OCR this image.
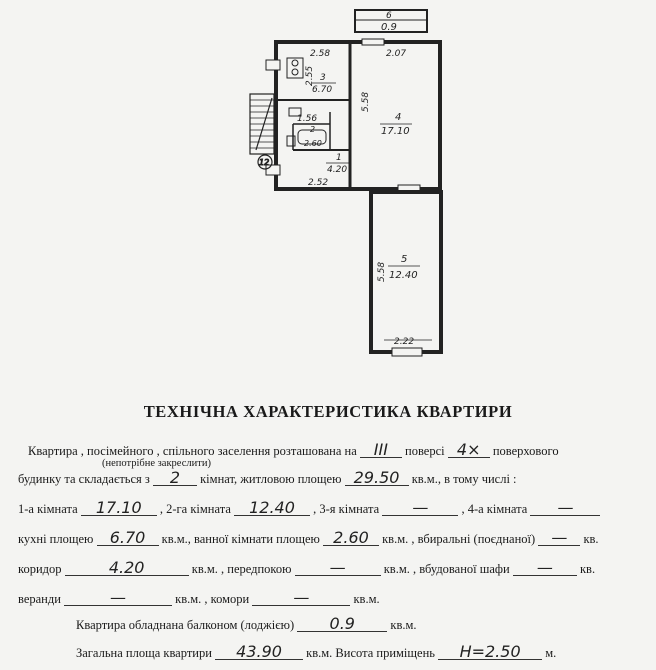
6
0.9
12
2.58	2.07
2.55
1.56
5.58
2.52
5.58
2.22
3
6.70
4
17.10
2
2.60
1
4.20
5
12.40
ТЕХНІЧНА ХАРАКТЕРИСТИКА КВАРТИРИ
Квартира , посімейного , спільного заселення розташована на ІІІ поверсі 4× поверхового
(непотрібне закреслити)
будинку та складається з 2 кімнат, житловою площею 29.50 кв.м., в тому числі :
1-а кімната 17.10 , 2-га кімната 12.40 , 3-я кімната —	, 4-а кімната —
кухні площею 6.70 кв.м., ванної кімнати площею 2.60 кв.м. , вбиральні (поєднаної) — кв.
коридор	4.20	кв.м. , передпокою —	кв.м. , вбудованої шафи — кв.
веранди	—	кв.м. , комори	—	кв.м.
Квартира обладнана балконом (лоджією) 0.9	кв.м.
Загальна площа квартири 43.90 кв.м. Висота приміщень Н=2.50 м.
